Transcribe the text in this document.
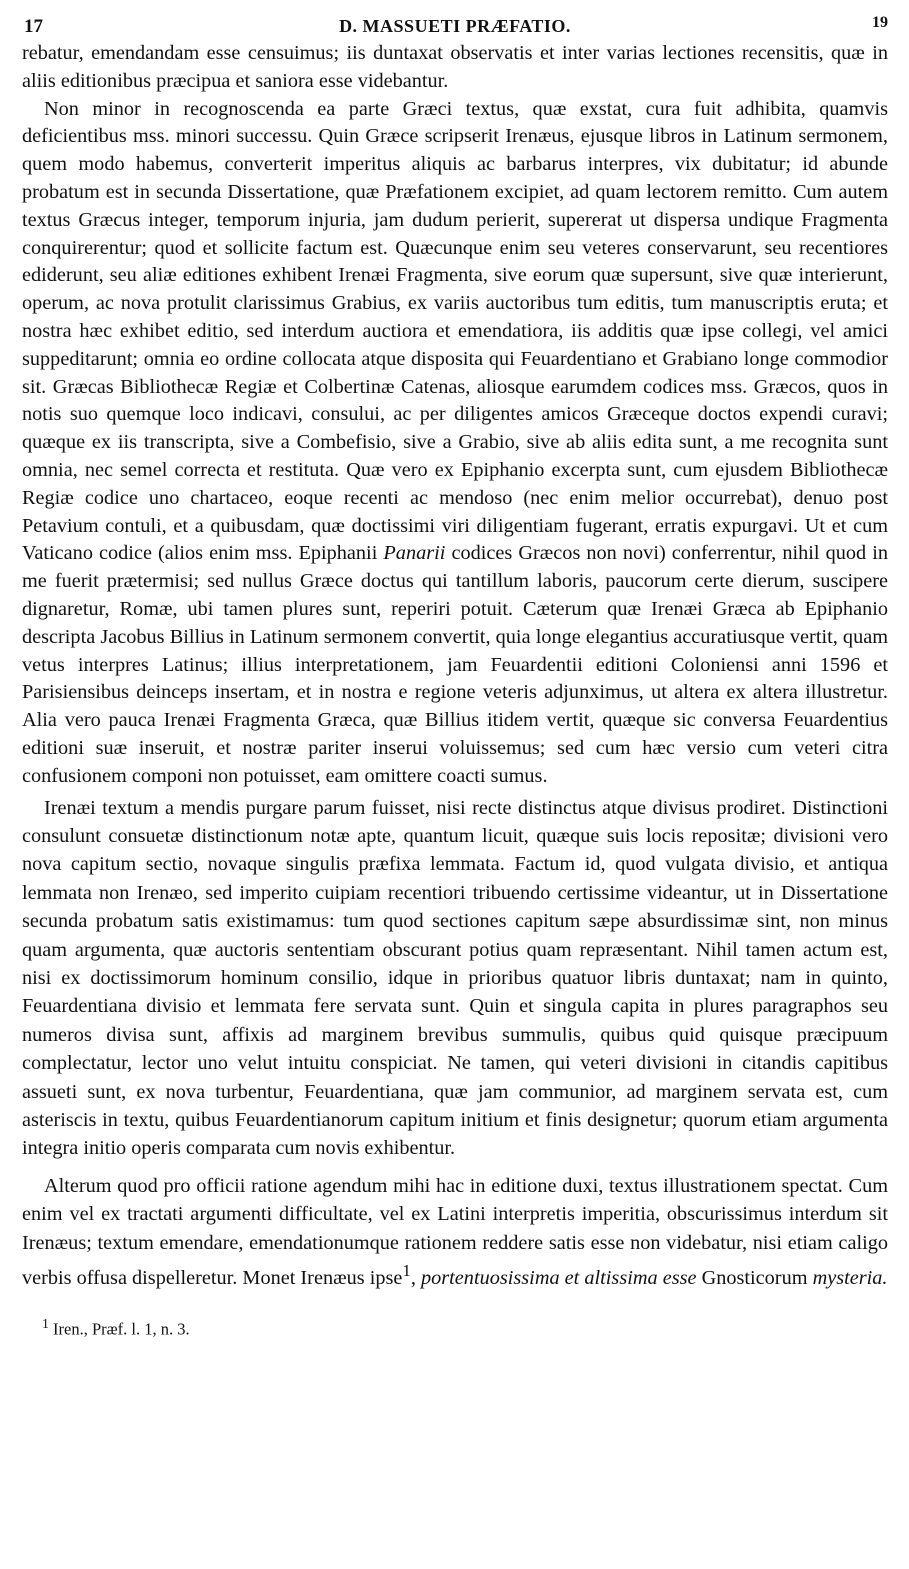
17	D. MASSUETI PRÆFATIO.	19

rebatur, emendandam esse censuimus; iis duntaxat observatis et inter varias lectiones recensitis, quæ in aliis editionibus præcipua et saniora esse videbantur.

Non minor in recognoscenda ea parte Græci textus, quæ exstat, cura fuit adhibita, quamvis deficientibus mss. minori successu. Quin Græce scripserit Irenæus, ejusque libros in Latinum sermonem, quem modo habemus, converterit imperitus aliquis ac barbarus interpres, vix dubitatur; id abunde probatum est in secunda Dissertatione, quæ Præfationem excipiet, ad quam lectorem remitto. Cum autem textus Græcus integer, temporum injuria, jam dudum perierit, supererat ut dispersa undique Fragmenta conquirerentur; quod et sollicite factum est. Quæcunque enim seu veteres conservarunt, seu recentiores ediderunt, seu aliæ editiones exhibent Irenæi Fragmenta, sive eorum quæ supersunt, sive quæ interierunt, operum, ac nova protulit clarissimus Grabius, ex variis auctoribus tum editis, tum manuscriptis eruta; et nostra hæc exhibet editio, sed interdum auctiora et emendatiora, iis additis quæ ipse collegi, vel amici suppeditarunt; omnia eo ordine collocata atque disposita qui Feuardentiano et Grabiano longe commodior sit. Græcas Bibliothecæ Regiæ et Colbertinæ Catenas, aliosque earumdem codices mss. Græcos, quos in notis suo quemque loco indicavi, consului, ac per diligentes amicos Græceque doctos expendi curavi; quæque ex iis transcripta, sive a Combefisio, sive a Grabio, sive ab aliis edita sunt, a me recognita sunt omnia, nec semel correcta et restituta. Quæ vero ex Epiphanio excerpta sunt, cum ejusdem Bibliothecæ Regiæ codice uno chartaceo, eoque recenti ac mendoso (nec enim melior occurrebat), denuo post Petavium contuli, et a quibusdam, quæ doctissimi viri diligentiam fugerant, erratis expurgavi. Ut et cum Vaticano codice (alios enim mss. Epiphanii Panarii codices Græcos non novi) conferrentur, nihil quod in me fuerit prætermisi; sed nullus Græce doctus qui tantillum laboris, paucorum certe dierum, suscipere dignaretur, Romæ, ubi tamen plures sunt, reperiri potuit. Cæterum quæ Irenæi Græca ab Epiphanio descripta Jacobus Billius in Latinum sermonem convertit, quia longe elegantius accuratiusque vertit, quam vetus interpres Latinus; illius interpretationem, jam Feuardentii editioni Coloniensi anni 1596 et Parisiensibus deinceps insertam, et in nostra e regione veteris adjunximus, ut altera ex altera illustretur. Alia vero pauca Irenæi Fragmenta Græca, quæ Billius itidem vertit, quæque sic conversa Feuardentius editioni suæ inseruit, et nostræ pariter inserui voluissemus; sed cum hæc versio cum veteri citra confusionem componi non potuisset, eam omittere coacti sumus.

Irenæi textum a mendis purgare parum fuisset, nisi recte distinctus atque divisus prodiret. Distinctioni consulunt consuetæ distinctionum notæ apte, quantum licuit, quæque suis locis repositæ; divisioni vero nova capitum sectio, novaque singulis præfixa lemmata. Factum id, quod vulgata divisio, et antiqua lemmata non Irenæo, sed imperito cuipiam recentiori tribuendo certissime videantur, ut in Dissertatione secunda probatum satis existimamus: tum quod sectiones capitum sæpe absurdissimæ sint, non minus quam argumenta, quæ auctoris sententiam obscurant potius quam repræsentant. Nihil tamen actum est, nisi ex doctissimorum hominum consilio, idque in prioribus quatuor libris duntaxat; nam in quinto, Feuardentiana divisio et lemmata fere servata sunt. Quin et singula capita in plures paragraphos seu numeros divisa sunt, affixis ad marginem brevibus summulis, quibus quid quisque præcipuum complectatur, lector uno velut intuitu conspiciat. Ne tamen, qui veteri divisioni in citandis capitibus assueti sunt, ex nova turbentur, Feuardentiana, quæ jam communior, ad marginem servata est, cum asteriscis in textu, quibus Feuardentianorum capitum initium et finis designetur; quorum etiam argumenta integra initio operis comparata cum novis exhibentur.

Alterum quod pro officii ratione agendum mihi hac in editione duxi, textus illustrationem spectat. Cum enim vel ex tractati argumenti difficultate, vel ex Latini interpretis imperitia, obscurissimus interdum sit Irenæus; textum emendare, emendationumque rationem reddere satis esse non videbatur, nisi etiam caligo verbis offusa dispelleretur. Monet Irenæus ipse$^1$, portentuosissima et altissima esse Gnosticorum mysteria.

$^1$ Iren., Præf. l. 1, n. 3.
